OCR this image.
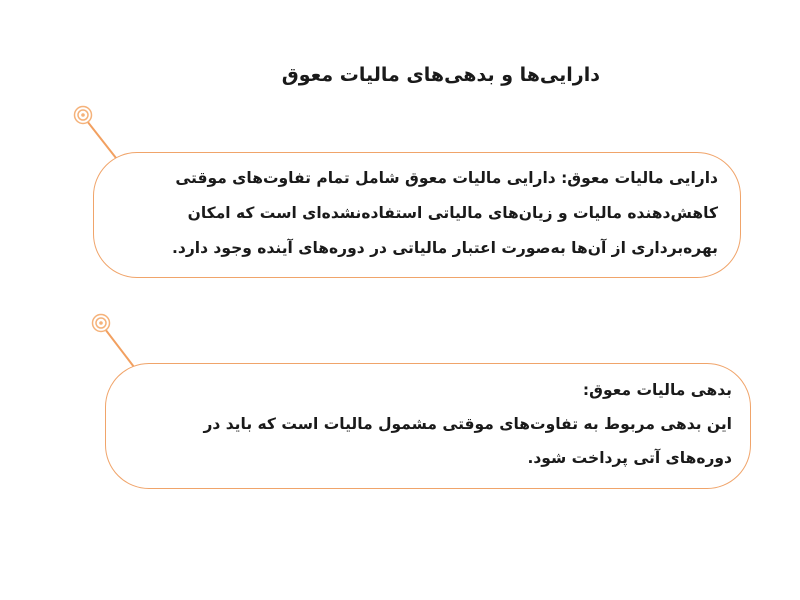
دارایی‌ها و بدهی‌های مالیات معوق

دارایی مالیات معوق: دارایی مالیات معوق شامل تمام تفاوت‌های موقتی
کاهش‌دهنده مالیات و زیان‌های مالیاتی استفاده‌نشده‌ای است که امکان
بهره‌برداری از آن‌ها به‌صورت اعتبار مالیاتی در دوره‌های آینده وجود دارد.

بدهی مالیات معوق:
این بدهی مربوط به تفاوت‌های موقتی مشمول مالیات است که باید در
دوره‌های آتی پرداخت شود.
